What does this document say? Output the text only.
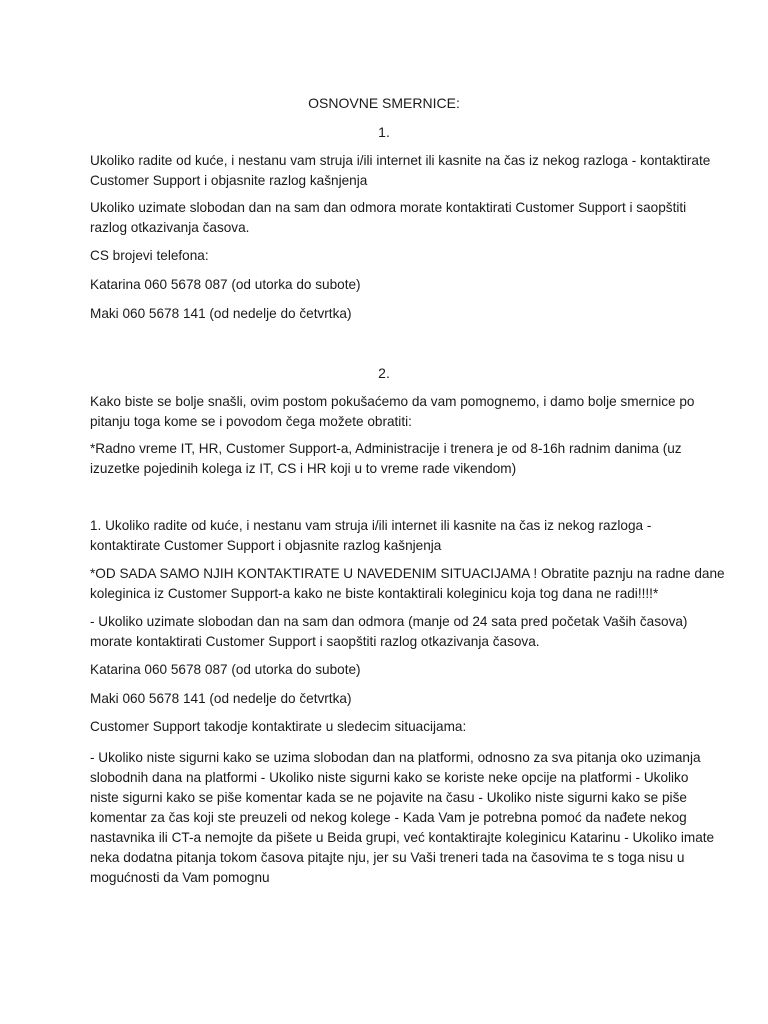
OSNOVNE SMERNICE:
1.
Ukoliko radite od kuće, i nestanu vam struja i/ili internet ili kasnite na čas iz nekog razloga - kontaktirate
Customer Support i objasnite razlog kašnjenja
Ukoliko uzimate slobodan dan na sam dan odmora morate kontaktirati Customer Support i saopštiti
razlog otkazivanja časova.
CS brojevi telefona:
Katarina 060 5678 087 (od utorka do subote)
Maki 060 5678 141 (od nedelje do četvrtka)
2.
Kako biste se bolje snašli, ovim postom pokušaćemo da vam pomognemo, i damo bolje smernice po
pitanju toga kome se i povodom čega možete obratiti:
*Radno vreme IT, HR, Customer Support-a, Administracije i trenera je od 8-16h radnim danima (uz
izuzetke pojedinih kolega iz IT, CS i HR koji u to vreme rade vikendom)
1. Ukoliko radite od kuće, i nestanu vam struja i/ili internet ili kasnite na čas iz nekog razloga -
kontaktirate Customer Support i objasnite razlog kašnjenja
*OD SADA SAMO NJIH KONTAKTIRATE U NAVEDENIM SITUACIJAMA ! Obratite paznju na radne dane
koleginica iz Customer Support-a kako ne biste kontaktirali koleginicu koja tog dana ne radi!!!!*
- Ukoliko uzimate slobodan dan na sam dan odmora (manje od 24 sata pred početak Vaših časova)
morate kontaktirati Customer Support i saopštiti razlog otkazivanja časova.
Katarina 060 5678 087 (od utorka do subote)
Maki 060 5678 141 (od nedelje do četvrtka)
Customer Support takodje kontaktirate u sledecim situacijama:
- Ukoliko niste sigurni kako se uzima slobodan dan na platformi, odnosno za sva pitanja oko uzimanja
slobodnih dana na platformi - Ukoliko niste sigurni kako se koriste neke opcije na platformi - Ukoliko
niste sigurni kako se piše komentar kada se ne pojavite na času - Ukoliko niste sigurni kako se piše
komentar za čas koji ste preuzeli od nekog kolege - Kada Vam je potrebna pomoć da nađete nekog
nastavnika ili CT-a nemojte da pišete u Beida grupi, već kontaktirajte koleginicu Katarinu - Ukoliko imate
neka dodatna pitanja tokom časova pitajte nju, jer su Vaši treneri tada na časovima te s toga nisu u
mogućnosti da Vam pomognu
